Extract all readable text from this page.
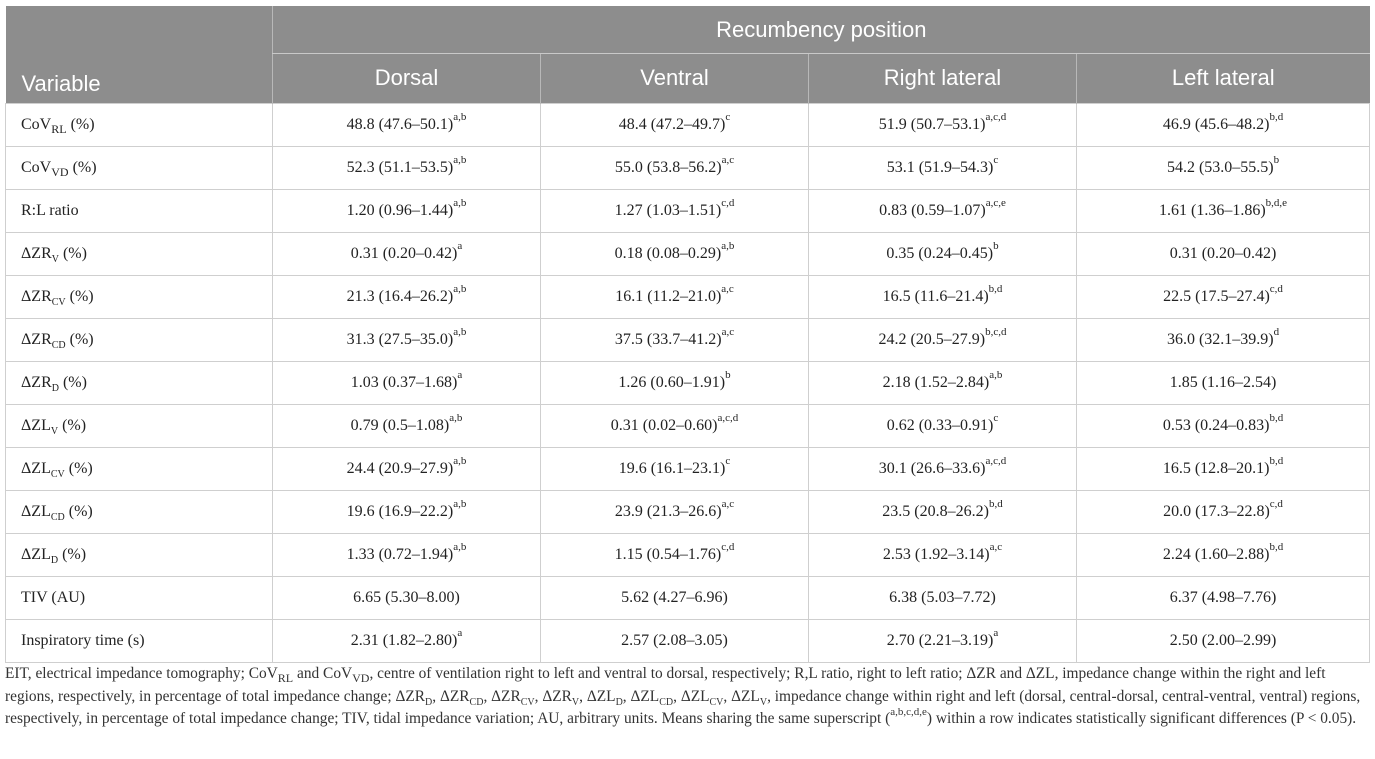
	Recumbency position			
Variable	Dorsal	Ventral	Right lateral	Left lateral
CoV$_{RL}$ (%)	48.8 $(47.6-50.1)^{a,b}$	48.4 $(47.2-49.7)^c$	51.9 $(50.7-53.1)^{a,c,d}$	46.9 $(45.6-48.2)^{b,d}$
CoV$_{VD}$ (%)	52.3 $(51.1-53.5)^{a,b}$	55.0 $(53.8-56.2)^{a,c}$	53.1 $(51.9-54.3)^c$	54.2 $(53.0-55.5)^b$
R:L ratio	1.20 $(0.96-1.44)^{a,b}$	1.27 $(1.03-1.51)^{c,d}$	0.83 $(0.59-1.07)^{a,c,e}$	1.61 $(1.36-1.86)^{b,d,e}$
$\Delta ZR_V$ (%)	0.31 $(0.20-0.42)^a$	0.18 $(0.08-0.29)^{a,b}$	0.35 $(0.24-0.45)^b$	0.31 (0.20–0.42)
$\Delta ZR_{CV}$ (%)	21.3 $(16.4-26.2)^{a,b}$	16.1 $(11.2-21.0)^{a,c}$	16.5 $(11.6-21.4)^{b,d}$	22.5 $(17.5-27.4)^{c,d}$
$\Delta ZR_{CD}$ (%)	31.3 $(27.5-35.0)^{a,b}$	37.5 $(33.7-41.2)^{a,c}$	24.2 $(20.5-27.9)^{b,c,d}$	36.0 $(32.1-39.9)^d$
$\Delta ZR_D$ (%)	1.03 $(0.37-1.68)^a$	1.26 $(0.60-1.91)^b$	2.18 $(1.52-2.84)^{a,b}$	1.85 (1.16–2.54)
$\Delta ZL_V$ (%)	0.79 $(0.5-1.08)^{a,b}$	0.31 $(0.02-0.60)^{a,c,d}$	0.62 $(0.33-0.91)^c$	0.53 $(0.24-0.83)^{b,d}$
$\Delta ZL_{CV}$ (%)	24.4 $(20.9-27.9)^{a,b}$	19.6 $(16.1-23.1)^c$	30.1 $(26.6-33.6)^{a,c,d}$	16.5 $(12.8-20.1)^{b,d}$
$\Delta ZL_{CD}$ (%)	19.6 $(16.9-22.2)^{a,b}$	23.9 $(21.3-26.6)^{a,c}$	23.5 $(20.8-26.2)^{b,d}$	20.0 $(17.3-22.8)^{c,d}$
$\Delta ZL_D$ (%)	1.33 $(0.72-1.94)^{a,b}$	1.15 $(0.54-1.76)^{c,d}$	2.53 $(1.92-3.14)^{a,c}$	2.24 $(1.60-2.88)^{b,d}$
TIV (AU)	6.65 (5.30–8.00)	5.62 (4.27–6.96)	6.38 (5.03–7.72)	6.37 (4.98–7.76)
Inspiratory time (s)	2.31 $(1.82-2.80)^a$	2.57 (2.08–3.05)	2.70 $(2.21-3.19)^a$	2.50 (2.00–2.99)

EIT, electrical impedance tomography; CoV$_{RL}$ and CoV$_{VD}$, centre of ventilation right to left and ventral to dorsal, respectively; R,L ratio, right to left ratio; ΔZR and ΔZL, impedance change within the right and left regions, respectively, in percentage of total impedance change; $\Delta ZR_D$, $\Delta ZR_{CD}$, $\Delta ZR_{CV}$, $\Delta ZR_V$, $\Delta ZL_D$, $\Delta ZL_{CD}$, $\Delta ZL_{CV}$, $\Delta ZL_V$, impedance change within right and left (dorsal, central-dorsal, central-ventral, ventral) regions, respectively, in percentage of total impedance change; TIV, tidal impedance variation; AU, arbitrary units. Means sharing the same superscript ($^{a,b,c,d,e}$) within a row indicates statistically significant differences (P < 0.05).
